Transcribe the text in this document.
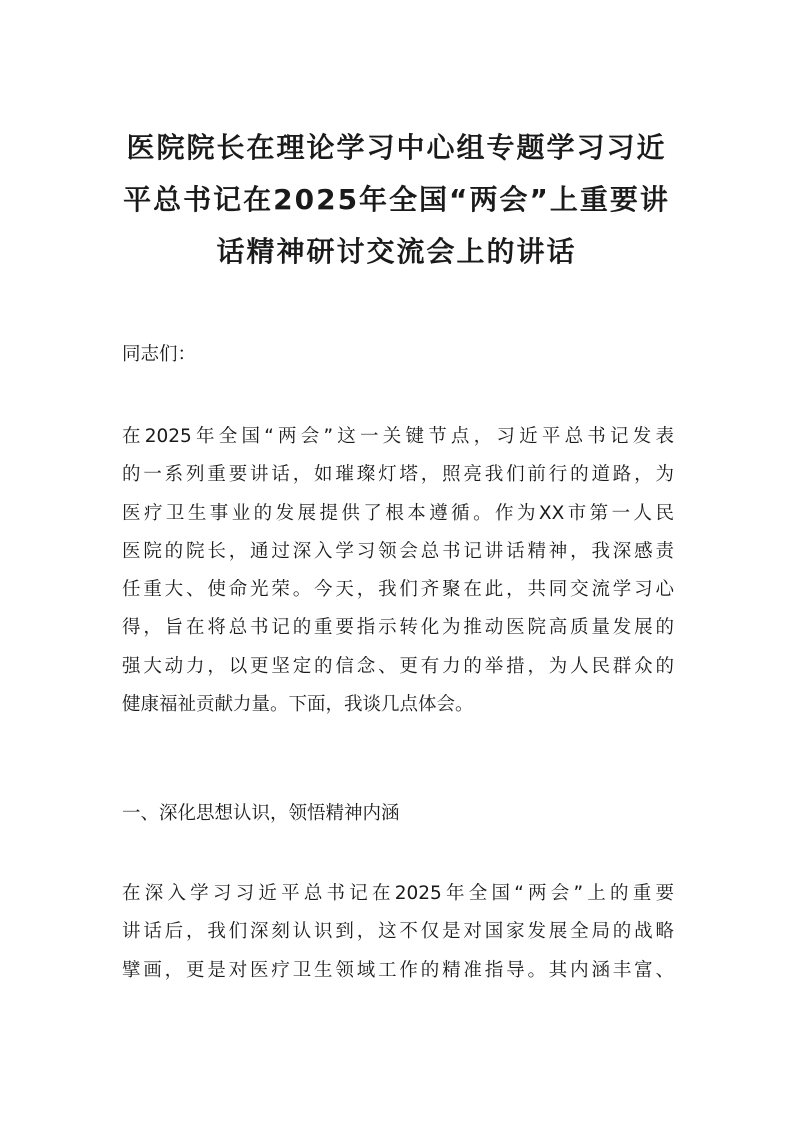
医院院长在理论学习中心组专题学习习近
平总书记在2025年全国“两会”上重要讲
话精神研讨交流会上的讲话

同志们：

在2025年全国“两会”这一关键节点，习近平总书记发表
的一系列重要讲话，如璀璨灯塔，照亮我们前行的道路，为
医疗卫生事业的发展提供了根本遵循。作为XX市第一人民
医院的院长，通过深入学习领会总书记讲话精神，我深感责
任重大、使命光荣。今天，我们齐聚在此，共同交流学习心
得，旨在将总书记的重要指示转化为推动医院高质量发展的
强大动力，以更坚定的信念、更有力的举措，为人民群众的
健康福祉贡献力量。下面，我谈几点体会。

一、深化思想认识，领悟精神内涵

在深入学习习近平总书记在2025年全国“两会”上的重要
讲话后，我们深刻认识到，这不仅是对国家发展全局的战略
擘画，更是对医疗卫生领域工作的精准指导。其内涵丰富、
